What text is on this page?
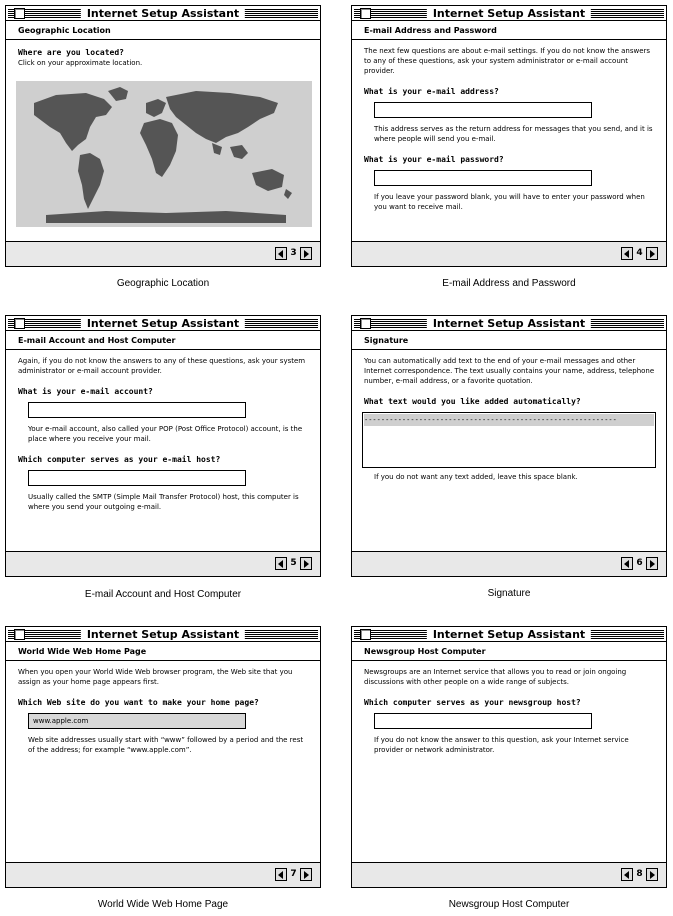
Internet Setup Assistant
Geographic Location

Where are you located?

Click on your approximate location.

3
Geographic Location
Internet Setup Assistant
E-mail Address and Password

The next few questions are about e-mail settings. If you do not know the answers to any of these questions, ask your system administrator or e-mail account provider.

What is your e-mail address?

This address serves as the return address for messages that you send, and it is where people will send you e-mail.

What is your e-mail password?

If you leave your password blank, you will have to enter your password when you want to receive mail.

4
E-mail Address and Password
Internet Setup Assistant
E-mail Account and Host Computer

Again, if you do not know the answers to any of these questions, ask your system administrator or e-mail account provider.

What is your e-mail account?

Your e-mail account, also called your POP (Post Office Protocol) account, is the place where you receive your mail.

Which computer serves as your e-mail host?

Usually called the SMTP (Simple Mail Transfer Protocol) host, this computer is where you send your outgoing e-mail.

5
E-mail Account and Host Computer
Internet Setup Assistant
Signature

You can automatically add text to the end of your e-mail messages and other Internet correspondence. The text usually contains your name, address, telephone number, e-mail address, or a favorite quotation.

What text would you like added automatically?

------------------------------------------------------------

If you do not want any text added, leave this space blank.

6
Signature
Internet Setup Assistant
World Wide Web Home Page

When you open your World Wide Web browser program, the Web site that you assign as your home page appears first.

Which Web site do you want to make your home page?

www.apple.com

Web site addresses usually start with “www” followed by a period and the rest of the address; for example “www.apple.com”.

7
World Wide Web Home Page
Internet Setup Assistant
Newsgroup Host Computer

Newsgroups are an Internet service that allows you to read or join ongoing discussions with other people on a wide range of subjects.

Which computer serves as your newsgroup host?

If you do not know the answer to this question, ask your Internet service provider or network administrator.

8
Newsgroup Host Computer
